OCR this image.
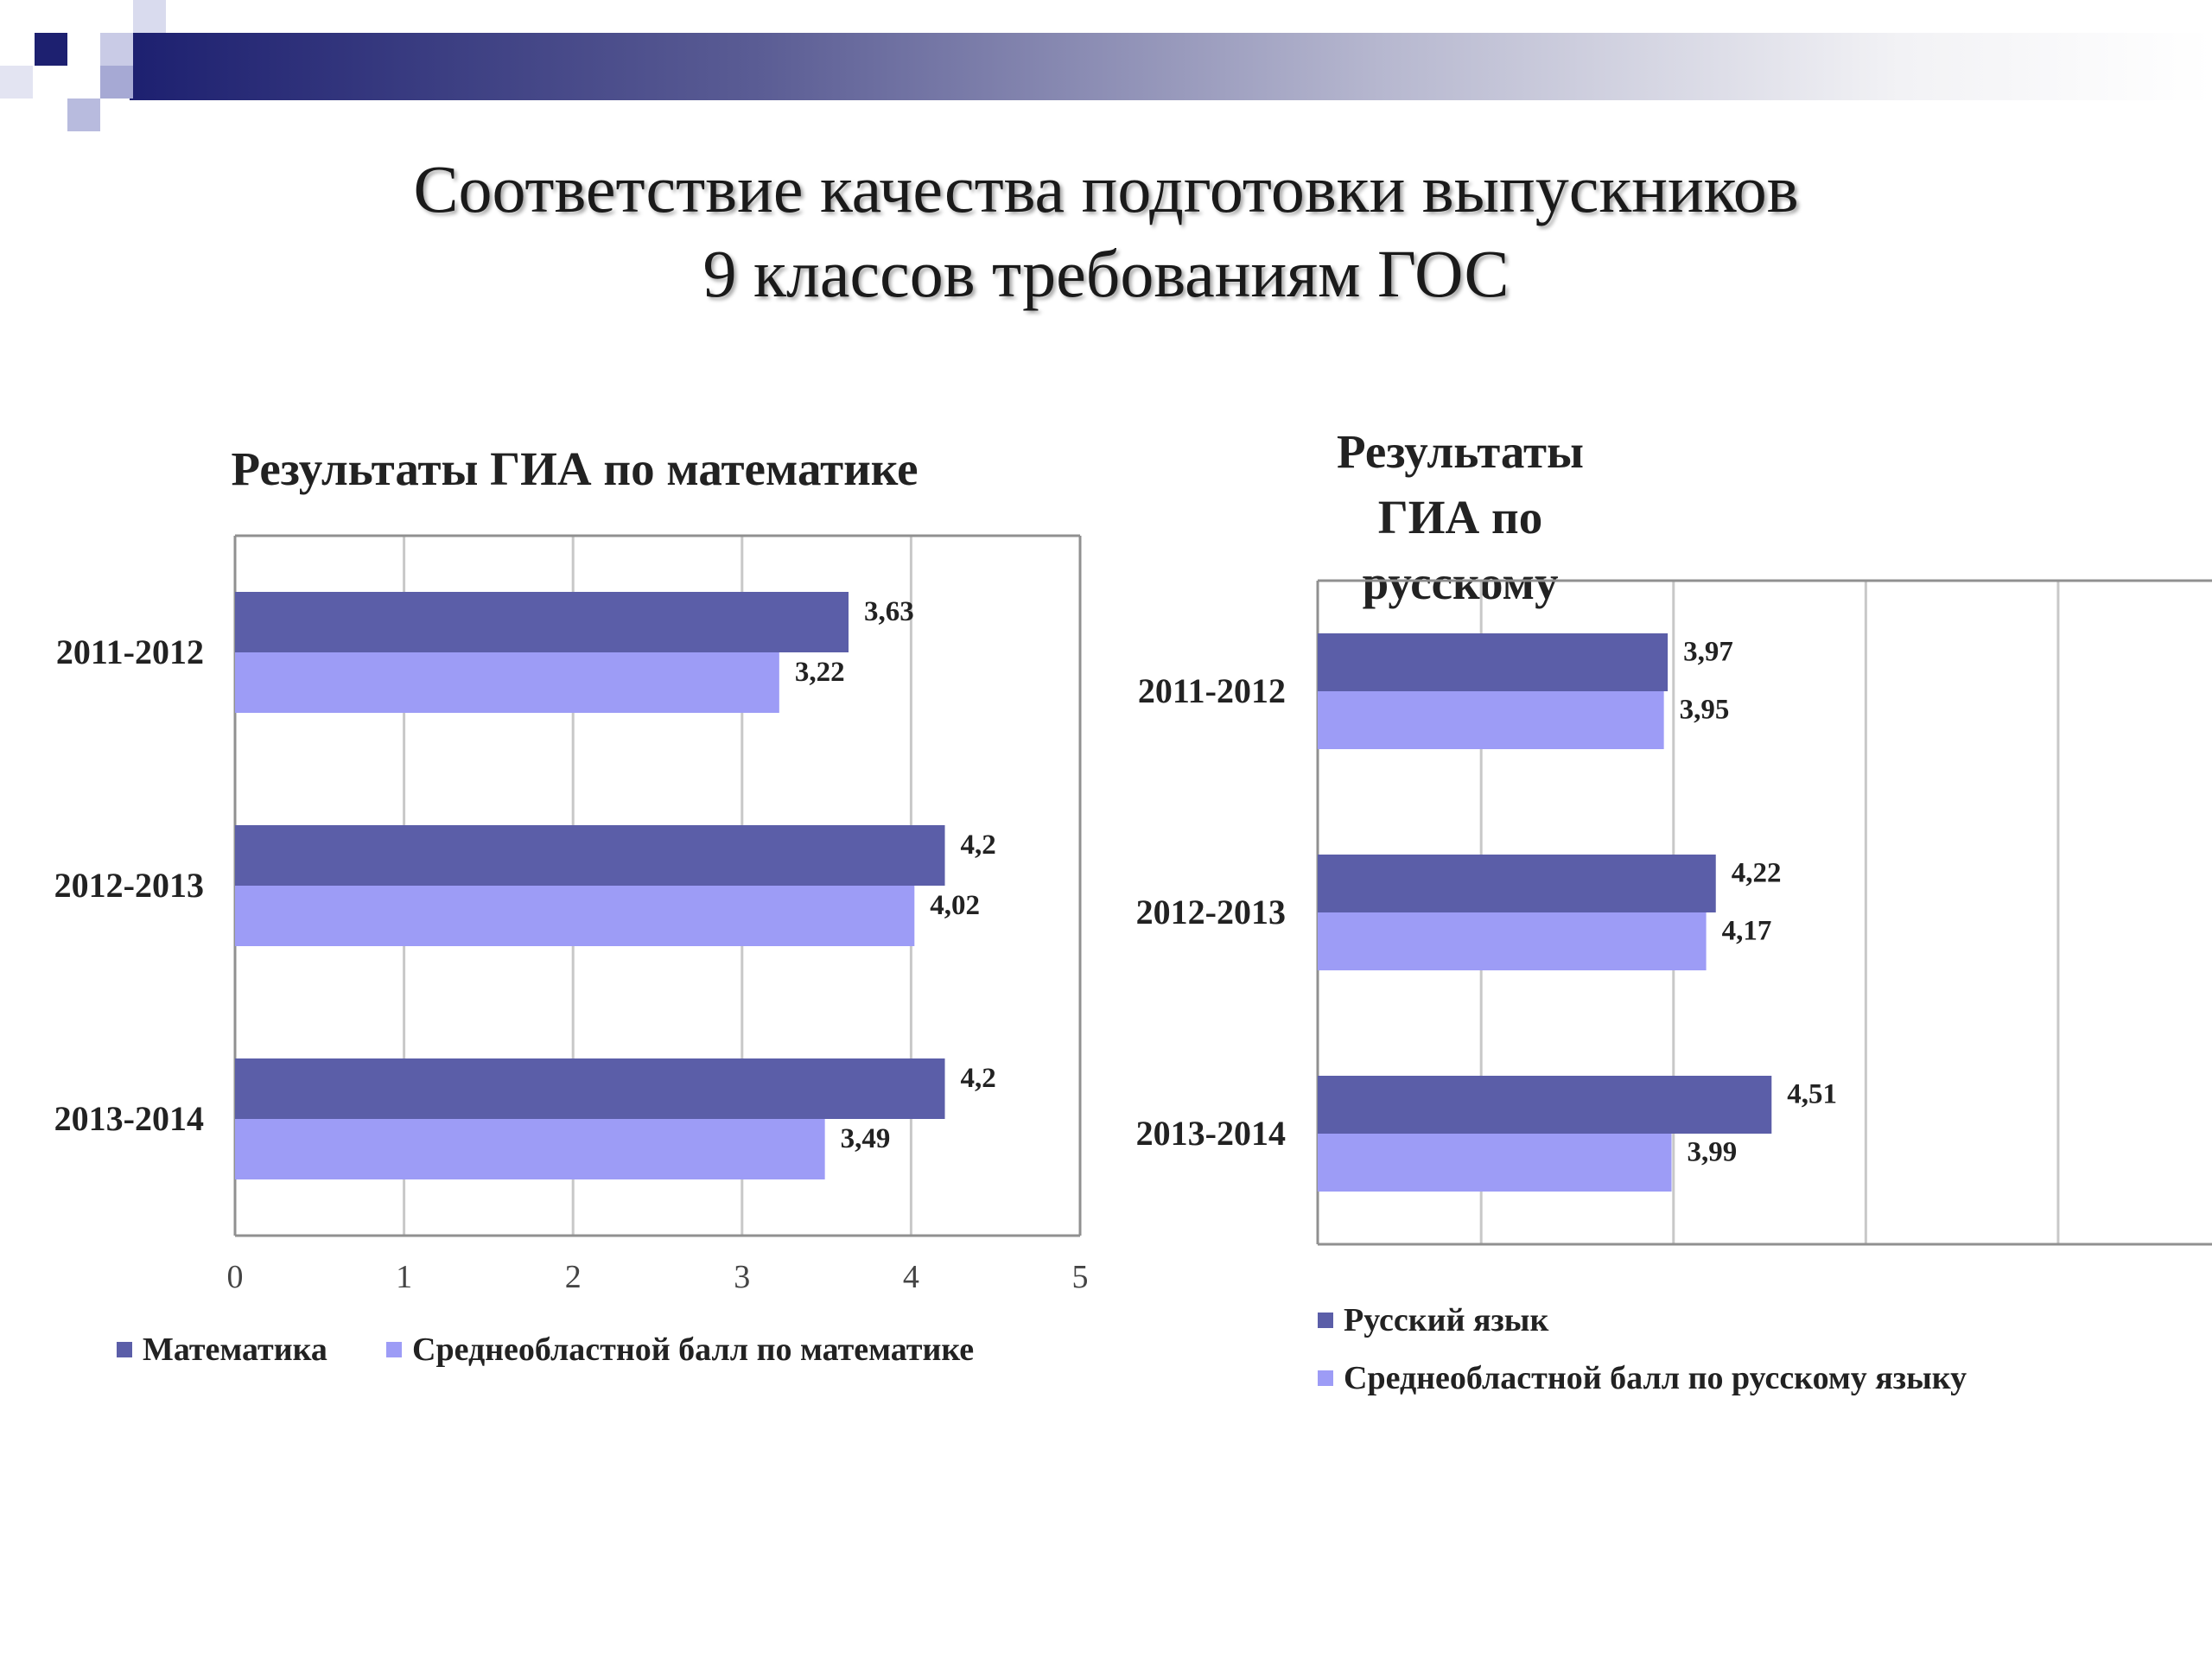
Соответствие качества подготовки выпускников
9 классов требованиям ГОС
Результаты ГИА по математике	Результаты ГИА по русскому
0	1	2	3	4	5
2011-2012
3,63
3,22
2012-2013
4,2
4,02
2013-2014
4,2
3,49
2011-2012
3,97
3,95
2012-2013
4,22
4,17
2013-2014
4,51
3,99
Математика	Среднеобластной балл по математике
Русский язык
Среднеобластной балл по русскому языку
